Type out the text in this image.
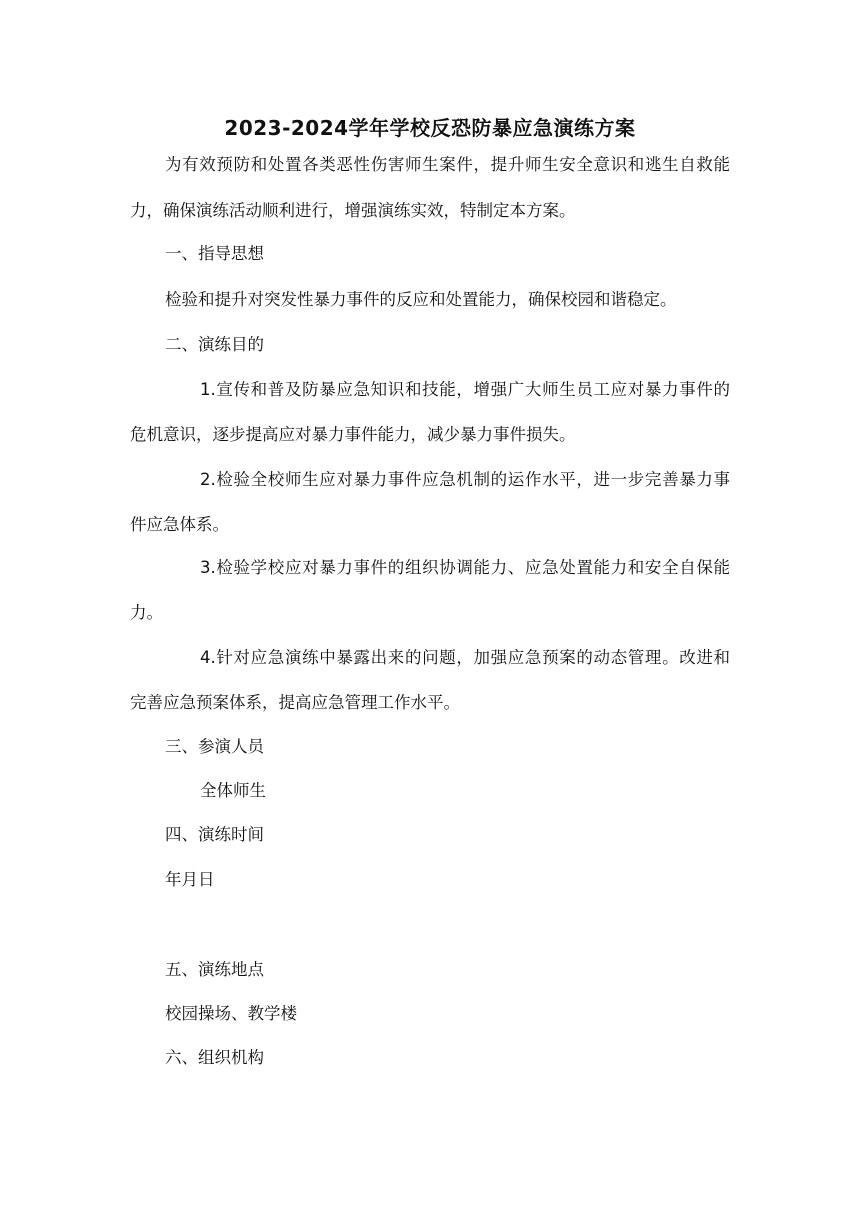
2023-2024学年学校反恐防暴应急演练方案
为有效预防和处置各类恶性伤害师生案件，提升师生安全意识和逃生自救能
力，确保演练活动顺利进行，增强演练实效，特制定本方案。
一、指导思想
检验和提升对突发性暴力事件的反应和处置能力，确保校园和谐稳定。
二、演练目的
1.宣传和普及防暴应急知识和技能，增强广大师生员工应对暴力事件的
危机意识，逐步提高应对暴力事件能力，减少暴力事件损失。
2.检验全校师生应对暴力事件应急机制的运作水平，进一步完善暴力事
件应急体系。
3.检验学校应对暴力事件的组织协调能力、应急处置能力和安全自保能
力。
4.针对应急演练中暴露出来的问题，加强应急预案的动态管理。改进和
完善应急预案体系，提高应急管理工作水平。
三、参演人员
全体师生
四、演练时间
年月日
五、演练地点
校园操场、教学楼
六、组织机构
